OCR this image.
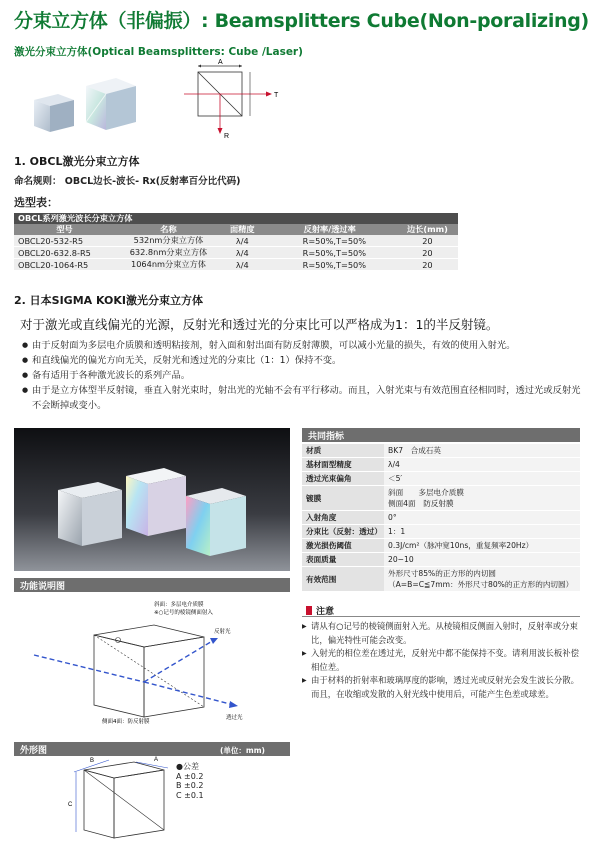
分束立方体（非偏振）: Beamsplitters Cube(Non-poralizing)
激光分束立方体(Optical Beamsplitters: Cube /Laser)
A
T
R
1. OBCL激光分束立方体
命名规则： OBCL边长-波长- Rx(反射率百分比代码)
选型表：
OBCL系列激光波长分束立方体				
型号	名称	面精度	反射率/透过率	边长(mm)
OBCL20-532-R5	532nm分束立方体	λ/4	R=50%,T=50%	20
OBCL20-632.8-R5	632.8nm分束立方体	λ/4	R=50%,T=50%	20
OBCL20-1064-R5	1064nm分束立方体	λ/4	R=50%,T=50%	20
2. 日本SIGMA KOKI激光分束立方体
对于激光或直线偏光的光源，反射光和透过光的分束比可以严格成为1：1的半反射镜。
● 由于反射面为多层电介质膜和透明粘接剂，射入面和射出面有防反射薄膜，可以减小光量的损失，有效的使用入射光。
● 和直线偏光的偏光方向无关，反射光和透过光的分束比（1：1）保持不变。
● 备有适用于各种激光波长的系列产品。
● 由于是立方体型半反射镜，垂直入射光束时，射出光的光轴不会有平行移动。而且，入射光束与有效范围直径相同时，透过光或反射光不会断掉或变小。
共同指标
材质	BK7　合成石英
基材面型精度	λ/4
透过光束偏角	＜5′
镀膜	斜面　　多层电介质膜
侧面4面　防反射膜

入射角度	0°
分束比（反射：透过）	1：1
激光损伤阈值	0.3J/cm²（脉冲宽10ns，重复频率20Hz）
表面质量	20−10
有效范围	外形尺寸85%的正方形的内切圆
（A=B=C≦7mm：外形尺寸80%的正方形的内切圆）
注意
▶ 请从有○记号的棱镜侧面射入光。从棱镜相反侧面入射时，反射率或分束比，偏光特性可能会改变。
▶ 入射光的相位差在透过光，反射光中都不能保持不变。请利用波长板补偿相位差。
▶ 由于材料的折射率和玻璃厚度的影响，透过光或反射光会发生波长分散。而且，在收缩或发散的入射光线中使用后，可能产生色差或球差。
功能说明图
斜面：多层电介质膜
※○记号的棱镜侧面射入
反射光
侧面4面：防反射膜
透过光
外形图	(单位：mm)
B
C
A
●公差
A ±0.2
B ±0.2
C ±0.1
